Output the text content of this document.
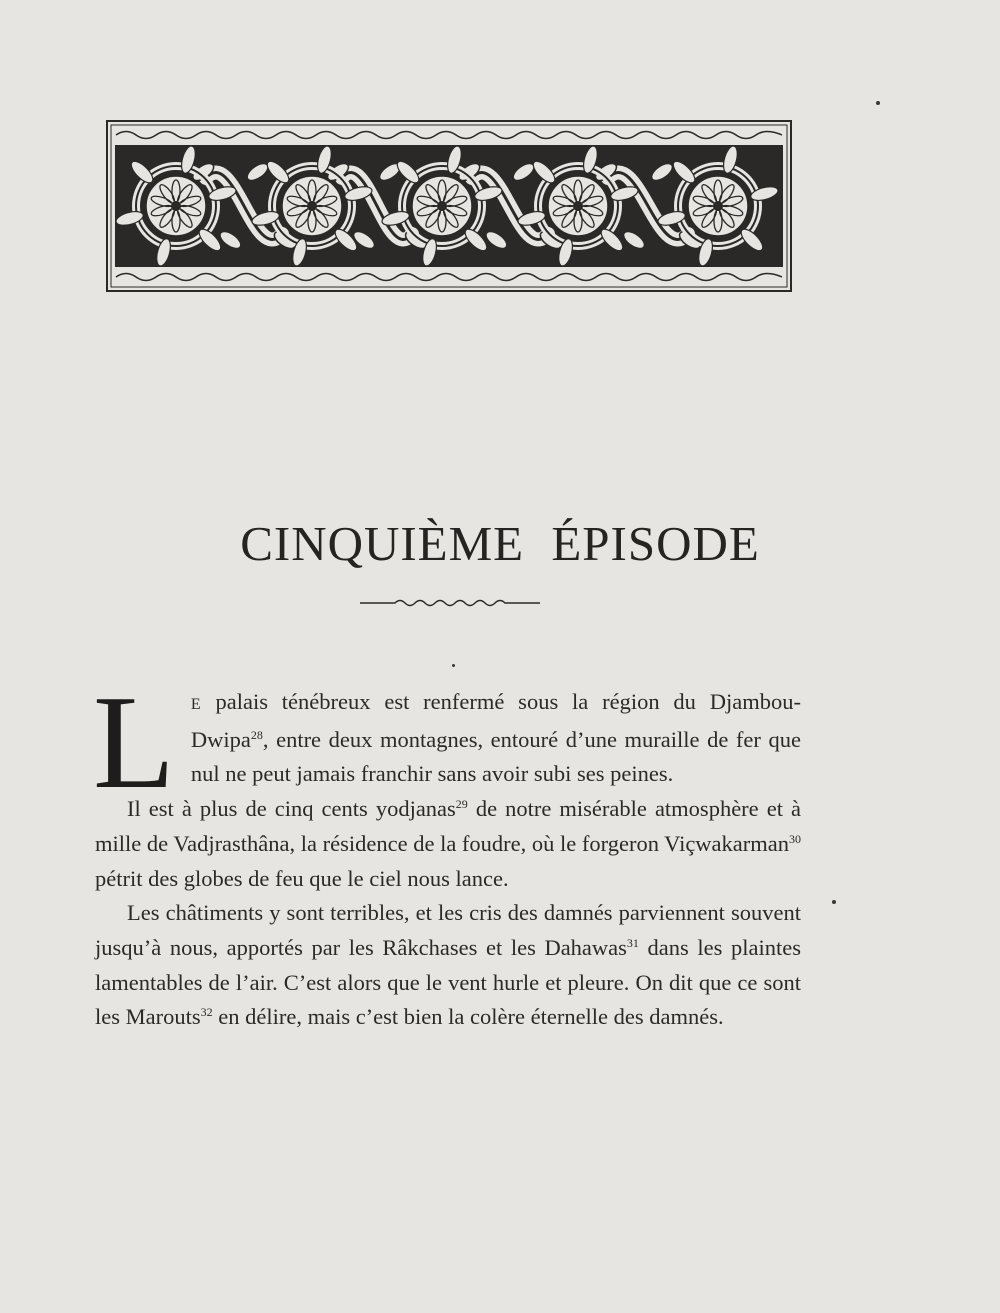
CINQUIÈME ÉPISODE

L E palais ténébreux est renfermé sous la région du Djambou-Dwipa$^{28}$, entre deux montagnes, entouré d’une muraille de fer que nul ne peut jamais franchir sans avoir subi ses peines.

Il est à plus de cinq cents yodjanas$^{29}$ de notre misérable atmosphère et à mille de Vadjrasthâna, la résidence de la foudre, où le forgeron Viçwakarman$^{30}$ pétrit des globes de feu que le ciel nous lance.

Les châtiments y sont terribles, et les cris des damnés parviennent souvent jusqu’à nous, apportés par les Râkchases et les Dahawas$^{31}$ dans les plaintes lamentables de l’air. C’est alors que le vent hurle et pleure. On dit que ce sont les Marouts$^{32}$ en délire, mais c’est bien la colère éternelle des damnés.
